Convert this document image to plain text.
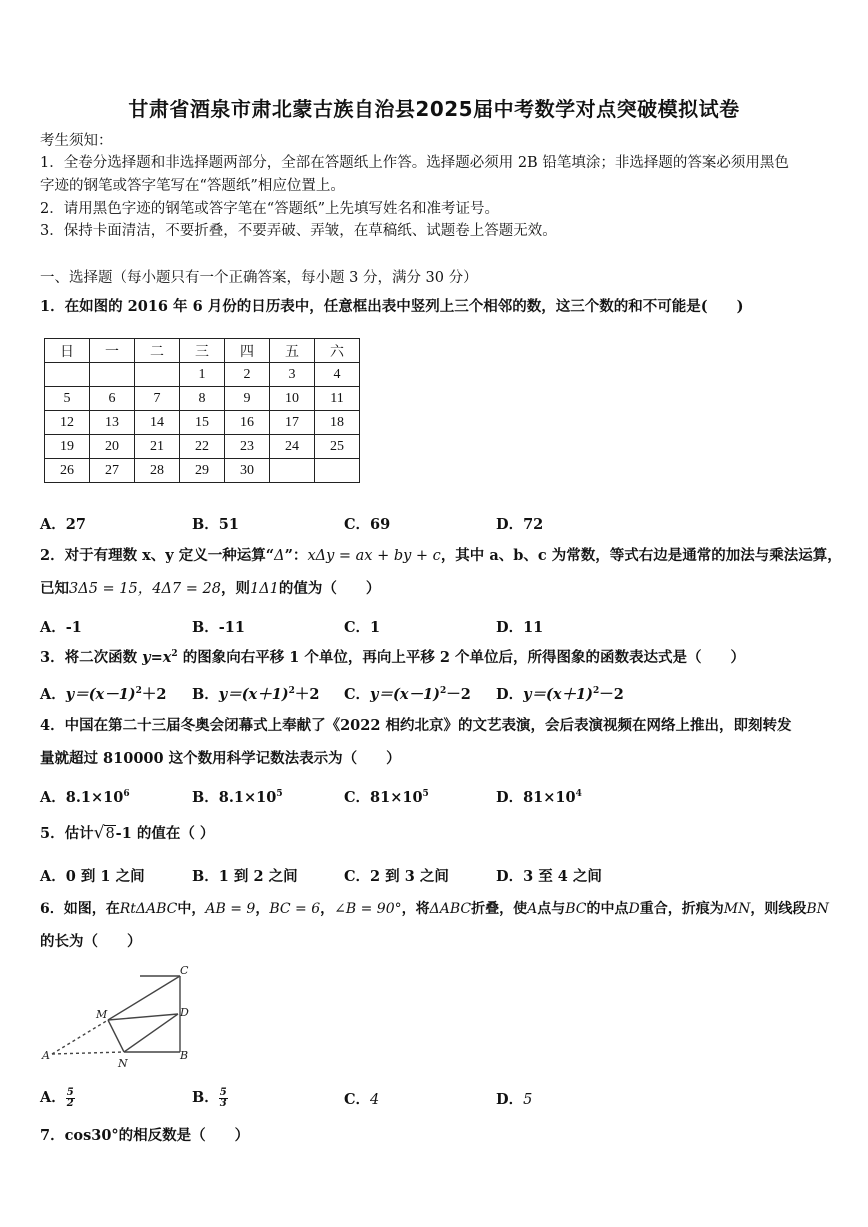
甘肃省酒泉市肃北蒙古族自治县2025届中考数学对点突破模拟试卷
考生须知：
1．全卷分选择题和非选择题两部分，全部在答题纸上作答。选择题必须用 2B 铅笔填涂；非选择题的答案必须用黑色
字迹的钢笔或答字笔写在“答题纸”相应位置上。
2．请用黑色字迹的钢笔或答字笔在“答题纸”上先填写姓名和准考证号。
3．保持卡面清洁，不要折叠，不要弄破、弄皱，在草稿纸、试题卷上答题无效。
一、选择题（每小题只有一个正确答案，每小题 3 分，满分 30 分）
1．在如图的 2016 年 6 月份的日历表中，任意框出表中竖列上三个相邻的数，这三个数的和不可能是(　　)
日	一	二	三	四	五	六
			1	2	3	4
5	6	7	8	9	10	11
12	13	14	15	16	17	18
19	20	21	22	23	24	25
26	27	28	29	30		
A．27	B．51	C．69	D．72
2．对于有理数 x、y 定义一种运算“Δ”：xΔy = ax + by + c，其中 a、b、c 为常数，等式右边是通常的加法与乘法运算，
已知3Δ5 = 15，4Δ7 = 28，则1Δ1的值为（　　）
A．-1	B．-11	C．1	D．11
3．将二次函数 $y=x^2$ 的图象向右平移 1 个单位，再向上平移 2 个单位后，所得图象的函数表达式是（　　）
A．$y=(x-1)^2+2$ B．$y=(x+1)^2+2$ C．$y=(x-1)^2-2$ D．$y=(x+1)^2-2$
4．中国在第二十三届冬奥会闭幕式上奉献了《2022 相约北京》的文艺表演，会后表演视频在网络上推出，即刻转发
量就超过 810000 这个数用科学记数法表示为（　　）
A．$8.1\times 10^6$	B．$8.1\times 10^5$	C．$81\times 10^5$	D．$81\times 10^4$
5．估计√8-1 的值在（ ）
A．0 到 1 之间	B．1 到 2 之间	C．2 到 3 之间	D．3 至 4 之间
6．如图，在RtΔABC中，AB = 9，BC = 6，∠B = 90°，将ΔABC折叠，使A点与BC的中点D重合，折痕为MN，则线段BN
的长为（　　）
C
M	D
A
N
B
A． $\frac{5}{2}$	B． $\frac{5}{3}$	C．4	D．5
7．cos30°的相反数是（　　）
